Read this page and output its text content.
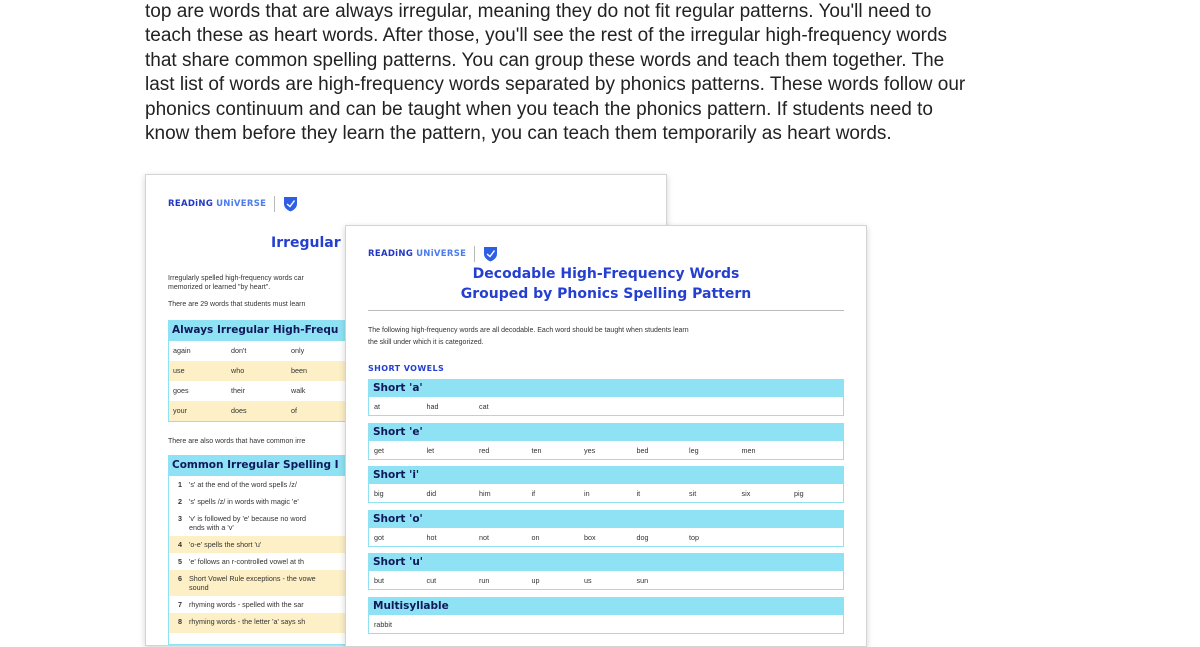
top are words that are always irregular, meaning they do not fit regular patterns. You'll need to
teach these as heart words. After those, you'll see the rest of the irregular high-frequency words
that share common spelling patterns. You can group these words and teach them together. The
last list of words are high-frequency words separated by phonics patterns. These words follow our
phonics continuum and can be taught when you teach the phonics pattern. If students need to
know them before they learn the pattern, you can teach them temporarily as heart words.

READiNG UNiVERSE
Irregular
Irregularly spelled high-frequency words car
memorized or learned "by heart".
There are 29 words that students must learn
Always Irregular High-Frequ
again	don't	only
use	who	been
goes	their	walk
your	does	of
There are also words that have common irre
Common Irregular Spelling I
1 's' at the end of the word spells /z/
2 's' spells /z/ in words with magic 'e'
3 'v' is followed by 'e' because no word
ends with a 'v'
4 'o-e' spells the short 'u'
5 'e' follows an r-controlled vowel at th
6 Short Vowel Rule exceptions - the vowe
sound
7 rhyming words - spelled with the sar
8 rhyming words - the letter 'a' says sh
READiNG UNiVERSE
Decodable High-Frequency Words
Grouped by Phonics Spelling Pattern
The following high-frequency words are all decodable. Each word should be taught when students learn
the skill under which it is categorized.
SHORT VOWELS
Short 'a'
at	had	cat
Short 'e'
get	let	red	ten	yes	bed	leg	men
Short 'i'
big	did	him	if	in	it	sit	six	pig
Short 'o'
got	hot	not	on	box	dog	top
Short 'u'
but	cut	run	up	us	sun
Multisyllable
rabbit
